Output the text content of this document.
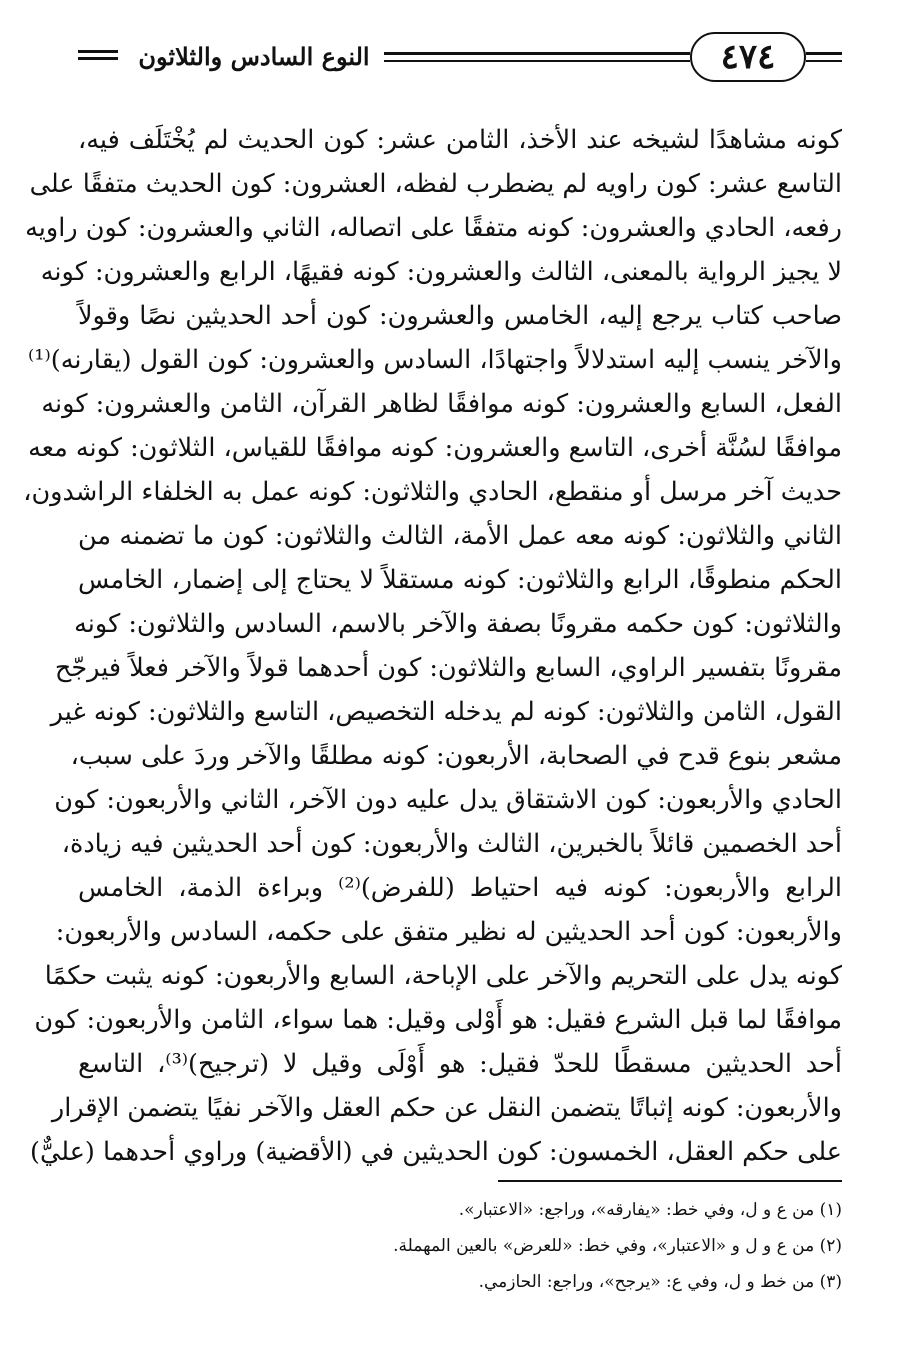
٤٧٤
النوع السادس والثلاثون
كونه مشاهدًا لشيخه عند الأخذ، الثامن عشر: كون الحديث لم يُخْتَلَف فيه،
التاسع عشر: كون راويه لم يضطرب لفظه، العشرون: كون الحديث متفقًا على
رفعه، الحادي والعشرون: كونه متفقًا على اتصاله، الثاني والعشرون: كون راويه
لا يجيز الرواية بالمعنى، الثالث والعشرون: كونه فقيهًا، الرابع والعشرون: كونه
صاحب كتاب يرجع إليه، الخامس والعشرون: كون أحد الحديثين نصًا وقولاً
والآخر ينسب إليه استدلالاً واجتهادًا، السادس والعشرون: كون القول (يقارنه)⁽¹⁾
الفعل، السابع والعشرون: كونه موافقًا لظاهر القرآن، الثامن والعشرون: كونه
موافقًا لسُنَّة أخرى، التاسع والعشرون: كونه موافقًا للقياس، الثلاثون: كونه معه
حديث آخر مرسل أو منقطع، الحادي والثلاثون: كونه عمل به الخلفاء الراشدون،
الثاني والثلاثون: كونه معه عمل الأمة، الثالث والثلاثون: كون ما تضمنه من
الحكم منطوقًا، الرابع والثلاثون: كونه مستقلاً لا يحتاج إلى إضمار، الخامس
والثلاثون: كون حكمه مقرونًا بصفة والآخر بالاسم، السادس والثلاثون: كونه
مقرونًا بتفسير الراوي، السابع والثلاثون: كون أحدهما قولاً والآخر فعلاً فيرجّح
القول، الثامن والثلاثون: كونه لم يدخله التخصيص، التاسع والثلاثون: كونه غير
مشعر بنوع قدح في الصحابة، الأربعون: كونه مطلقًا والآخر وردَ على سبب،
الحادي والأربعون: كون الاشتقاق يدل عليه دون الآخر، الثاني والأربعون: كون
أحد الخصمين قائلاً بالخبرين، الثالث والأربعون: كون أحد الحديثين فيه زيادة،
الرابع والأربعون: كونه فيه احتياط (للفرض)⁽²⁾ وبراءة الذمة، الخامس
والأربعون: كون أحد الحديثين له نظير متفق على حكمه، السادس والأربعون:
كونه يدل على التحريم والآخر على الإباحة، السابع والأربعون: كونه يثبت حكمًا
موافقًا لما قبل الشرع فقيل: هو أَوْلى وقيل: هما سواء، الثامن والأربعون: كون
أحد الحديثين مسقطًا للحدّ فقيل: هو أَوْلَى وقيل لا (ترجيح)⁽³⁾، التاسع
والأربعون: كونه إثباتًا يتضمن النقل عن حكم العقل والآخر نفيًا يتضمن الإقرار
على حكم العقل، الخمسون: كون الحديثين في (الأقضية) وراوي أحدهما (عليٌّ)
(١) من ع و ل، وفي خط: «يفارقه»، وراجع: «الاعتبار».
(٢) من ع و ل و «الاعتبار»، وفي خط: «للعرض» بالعين المهملة.
(٣) من خط و ل، وفي ع: «يرجح»، وراجع: الحازمي.
